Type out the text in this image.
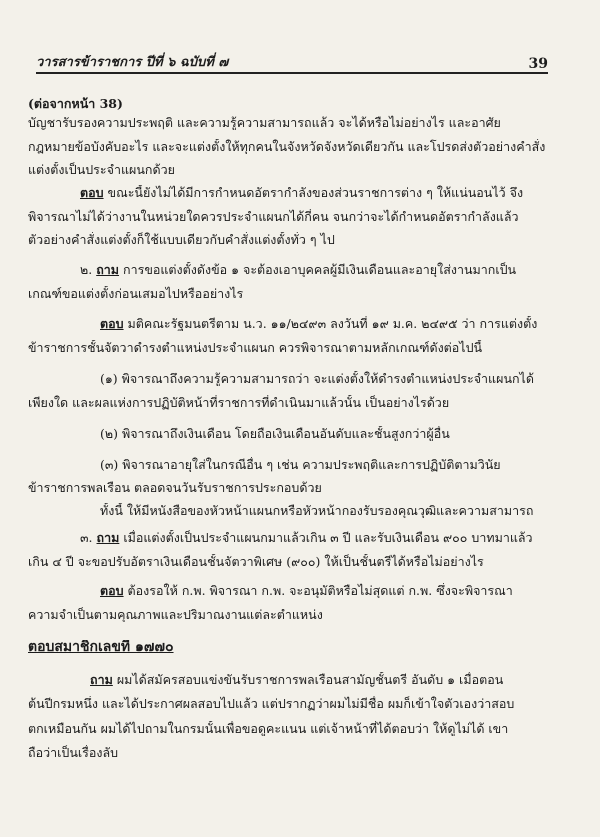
วารสารข้าราชการ ปีที่ ๖ ฉบับที่ ๗	39
(ต่อจากหน้า 38)
บัญชารับรองความประพฤติ และความรู้ความสามารถแล้ว จะได้หรือไม่อย่างไร และอาศัย
กฎหมายข้อบังคับอะไร และจะแต่งตั้งให้ทุกคนในจังหวัดจังหวัดเดียวกัน และโปรดส่งตัวอย่างคำสั่ง
แต่งตั้งเป็นประจำแผนกด้วย
ตอบ ขณะนี้ยังไม่ได้มีการกำหนดอัตรากำลังของส่วนราชการต่าง ๆ ให้แน่นอนไว้ จึง
พิจารณาไม่ได้ว่างานในหน่วยใดควรประจำแผนกได้กี่คน จนกว่าจะได้กำหนดอัตรากำลังแล้ว
ตัวอย่างคำสั่งแต่งตั้งก็ใช้แบบเดียวกับคำสั่งแต่งตั้งทั่ว ๆ ไป
๒. ถาม การขอแต่งตั้งดังข้อ ๑ จะต้องเอาบุคคลผู้มีเงินเดือนและอายุใส่งานมากเป็น
เกณฑ์ขอแต่งตั้งก่อนเสมอไปหรืออย่างไร
ตอบ มติคณะรัฐมนตรีตาม น.ว. ๑๑/๒๔๙๓ ลงวันที่ ๑๙ ม.ค. ๒๔๙๕ ว่า การแต่งตั้ง
ข้าราชการชั้นจัตวาดำรงตำแหน่งประจำแผนก ควรพิจารณาตามหลักเกณฑ์ดังต่อไปนี้
(๑) พิจารณาถึงความรู้ความสามารถว่า จะแต่งตั้งให้ดำรงตำแหน่งประจำแผนกได้
เพียงใด และผลแห่งการปฏิบัติหน้าที่ราชการที่ดำเนินมาแล้วนั้น เป็นอย่างไรด้วย
(๒) พิจารณาถึงเงินเดือน โดยถือเงินเดือนอันดับและชั้นสูงกว่าผู้อื่น
(๓) พิจารณาอายุใส่ในกรณีอื่น ๆ เช่น ความประพฤติและการปฏิบัติตามวินัย
ข้าราชการพลเรือน ตลอดจนวันรับราชการประกอบด้วย
ทั้งนี้ ให้มีหนังสือของหัวหน้าแผนกหรือหัวหน้ากองรับรองคุณวุฒิและความสามารถ
๓. ถาม เมื่อแต่งตั้งเป็นประจำแผนกมาแล้วเกิน ๓ ปี และรับเงินเดือน ๙๐๐ บาทมาแล้ว
เกิน ๔ ปี จะขอปรับอัตราเงินเดือนชั้นจัตวาพิเศษ (๙๐๐) ให้เป็นชั้นตรีได้หรือไม่อย่างไร
ตอบ ต้องรอให้ ก.พ. พิจารณา ก.พ. จะอนุมัติหรือไม่สุดแต่ ก.พ. ซึ่งจะพิจารณา
ความจำเป็นตามคุณภาพและปริมาณงานแต่ละตำแหน่ง
ตอบสมาชิกเลขที่ ๑๗๗๐
ถาม ผมได้สมัครสอบแข่งขันรับราชการพลเรือนสามัญชั้นตรี อันดับ ๑ เมื่อตอน
ต้นปีกรมหนึ่ง และได้ประกาศผลสอบไปแล้ว แต่ปรากฏว่าผมไม่มีชื่อ ผมก็เข้าใจตัวเองว่าสอบ
ตกเหมือนกัน ผมได้ไปถามในกรมนั้นเพื่อขอดูคะแนน แต่เจ้าหน้าที่ได้ตอบว่า ให้ดูไม่ได้ เขา
ถือว่าเป็นเรื่องลับ
